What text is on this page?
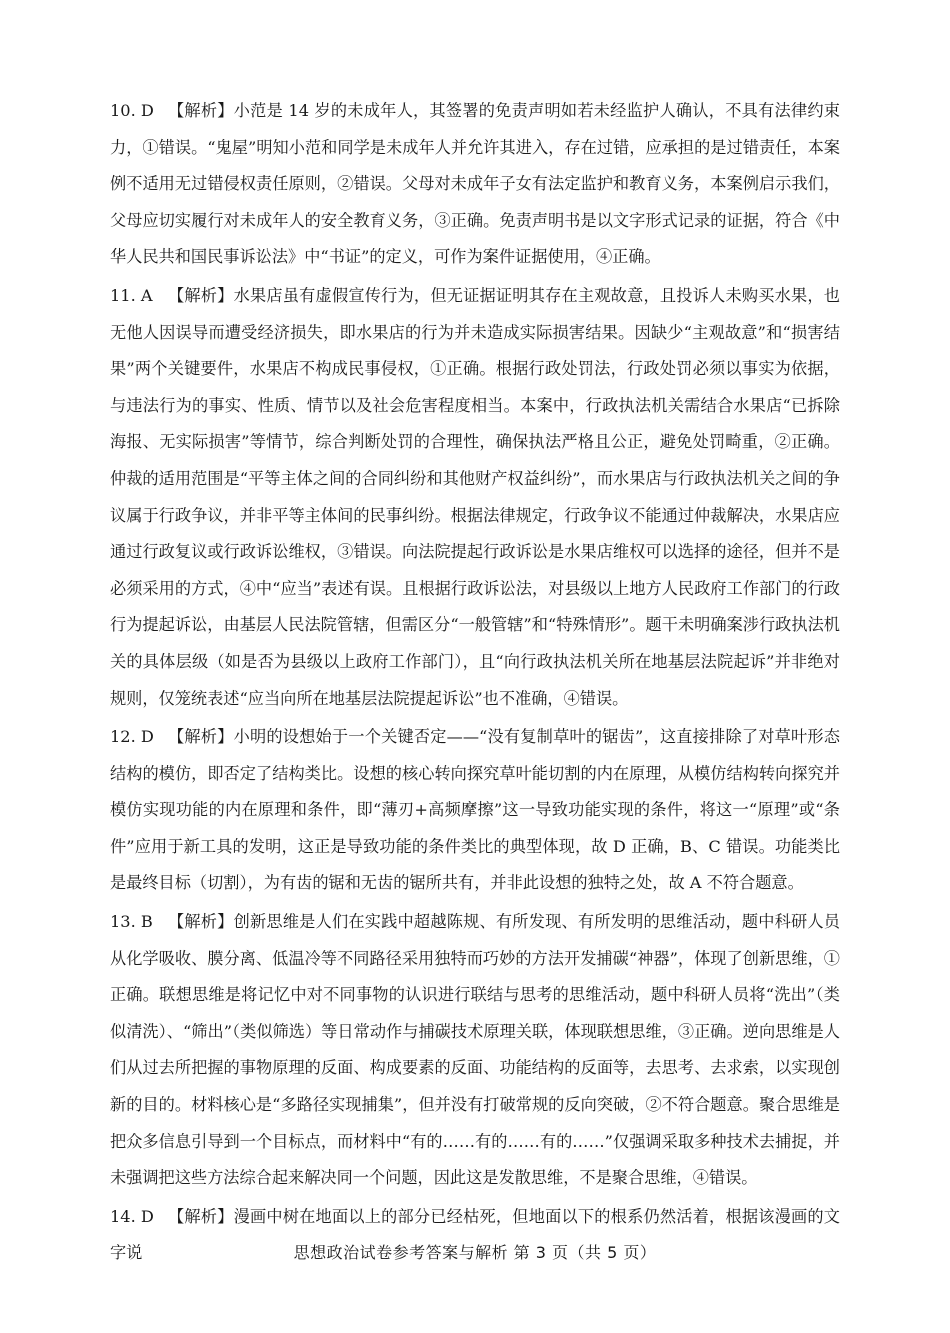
10. D 【解析】小范是 14 岁的未成年人，其签署的免责声明如若未经监护人确认，不具有法律约束力，①错误。“鬼屋”明知小范和同学是未成年人并允许其进入，存在过错，应承担的是过错责任，本案例不适用无过错侵权责任原则，②错误。父母对未成年子女有法定监护和教育义务，本案例启示我们，父母应切实履行对未成年人的安全教育义务，③正确。免责声明书是以文字形式记录的证据，符合《中华人民共和国民事诉讼法》中“书证”的定义，可作为案件证据使用，④正确。
11. A 【解析】水果店虽有虚假宣传行为，但无证据证明其存在主观故意，且投诉人未购买水果，也无他人因误导而遭受经济损失，即水果店的行为并未造成实际损害结果。因缺少“主观故意”和“损害结果”两个关键要件，水果店不构成民事侵权，①正确。根据行政处罚法，行政处罚必须以事实为依据，与违法行为的事实、性质、情节以及社会危害程度相当。本案中，行政执法机关需结合水果店“已拆除海报、无实际损害”等情节，综合判断处罚的合理性，确保执法严格且公正，避免处罚畸重，②正确。仲裁的适用范围是“平等主体之间的合同纠纷和其他财产权益纠纷”，而水果店与行政执法机关之间的争议属于行政争议，并非平等主体间的民事纠纷。根据法律规定，行政争议不能通过仲裁解决，水果店应通过行政复议或行政诉讼维权，③错误。向法院提起行政诉讼是水果店维权可以选择的途径，但并不是必须采用的方式，④中“应当”表述有误。且根据行政诉讼法，对县级以上地方人民政府工作部门的行政行为提起诉讼，由基层人民法院管辖，但需区分“一般管辖”和“特殊情形”。题干未明确案涉行政执法机关的具体层级（如是否为县级以上政府工作部门），且“向行政执法机关所在地基层法院起诉”并非绝对规则，仅笼统表述“应当向所在地基层法院提起诉讼”也不准确，④错误。
12. D 【解析】小明的设想始于一个关键否定——“没有复制草叶的锯齿”，这直接排除了对草叶形态结构的模仿，即否定了结构类比。设想的核心转向探究草叶能切割的内在原理，从模仿结构转向探究并模仿实现功能的内在原理和条件，即“薄刃+高频摩擦”这一导致功能实现的条件，将这一“原理”或“条件”应用于新工具的发明，这正是导致功能的条件类比的典型体现，故 D 正确，B、C 错误。功能类比是最终目标（切割），为有齿的锯和无齿的锯所共有，并非此设想的独特之处，故 A 不符合题意。
13. B 【解析】创新思维是人们在实践中超越陈规、有所发现、有所发明的思维活动，题中科研人员从化学吸收、膜分离、低温冷等不同路径采用独特而巧妙的方法开发捕碳“神器”，体现了创新思维，①正确。联想思维是将记忆中对不同事物的认识进行联结与思考的思维活动，题中科研人员将“洗出”（类似清洗）、“筛出”（类似筛选）等日常动作与捕碳技术原理关联，体现联想思维，③正确。逆向思维是人们从过去所把握的事物原理的反面、构成要素的反面、功能结构的反面等，去思考、去求索，以实现创新的目的。材料核心是“多路径实现捕集”，但并没有打破常规的反向突破，②不符合题意。聚合思维是把众多信息引导到一个目标点，而材料中“有的……有的……有的……”仅强调采取多种技术去捕捉，并未强调把这些方法综合起来解决同一个问题，因此这是发散思维，不是聚合思维，④错误。
14. D 【解析】漫画中树在地面以上的部分已经枯死，但地面以下的根系仍然活着，根据该漫画的文字说	思想政治试卷参考答案与解析 第 3 页（共 5 页）
